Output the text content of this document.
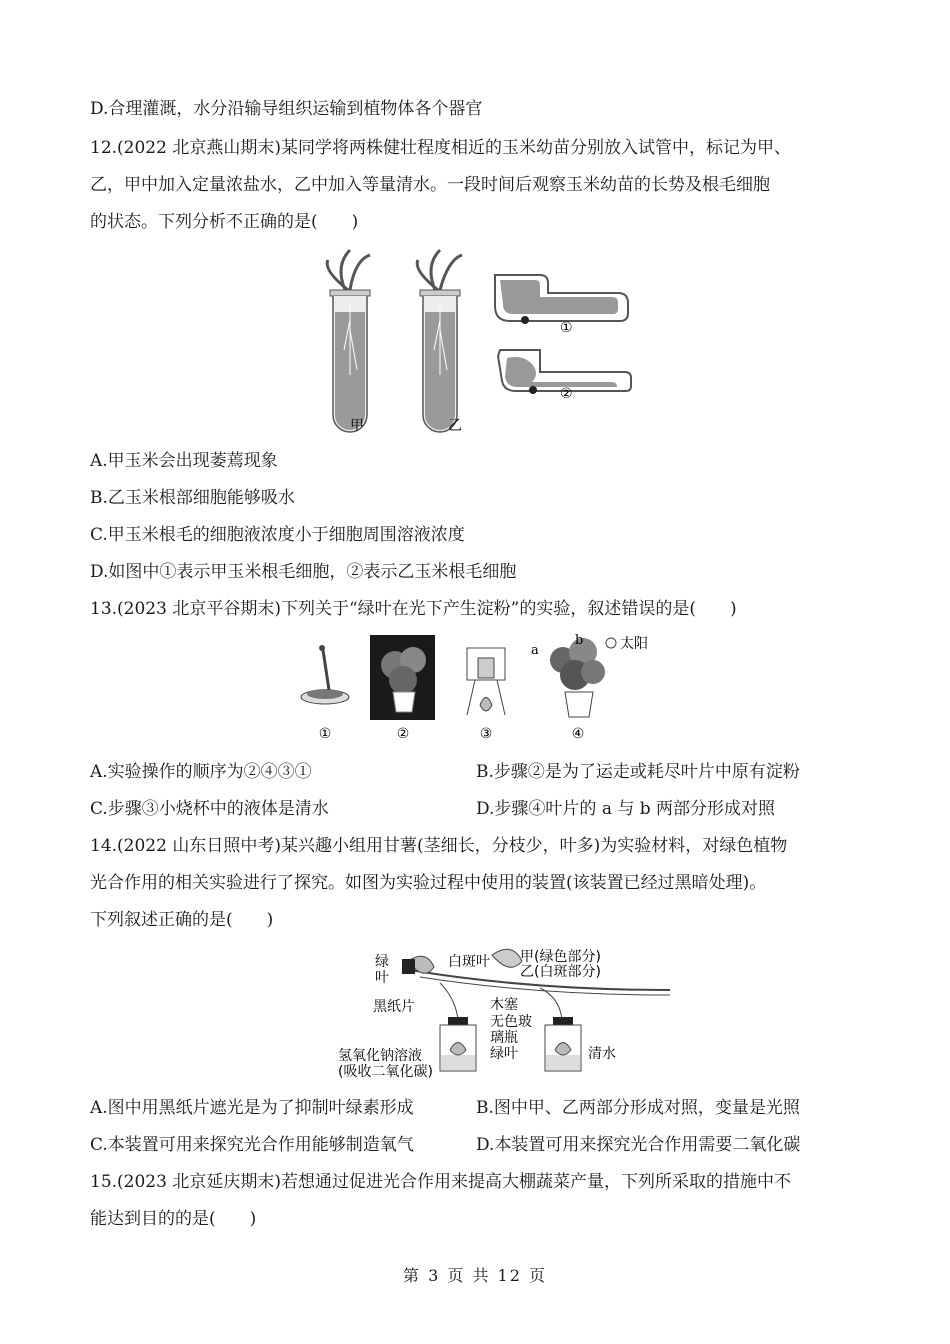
D.合理灌溉，水分沿输导组织运输到植物体各个器官
12.(2022 北京燕山期末)某同学将两株健壮程度相近的玉米幼苗分别放入试管中，标记为甲、
乙，甲中加入定量浓盐水，乙中加入等量清水。一段时间后观察玉米幼苗的长势及根毛细胞
的状态。下列分析不正确的是(　　)
甲	乙
①
②
A.甲玉米会出现萎蔫现象
B.乙玉米根部细胞能够吸水
C.甲玉米根毛的细胞液浓度小于细胞周围溶液浓度
D.如图中①表示甲玉米根毛细胞，②表示乙玉米根毛细胞
13.(2023 北京平谷期末)下列关于“绿叶在光下产生淀粉”的实验，叙述错误的是(　　)
①	②	③
a
b	太阳
④
A.实验操作的顺序为②④③①	B.步骤②是为了运走或耗尽叶片中原有淀粉
C.步骤③小烧杯中的液体是清水	D.步骤④叶片的 a 与 b 两部分形成对照
14.(2022 山东日照中考)某兴趣小组用甘薯(茎细长，分枝少，叶多)为实验材料，对绿色植物
光合作用的相关实验进行了探究。如图为实验过程中使用的装置(该装置已经过黑暗处理)。
下列叙述正确的是(　　)
绿
叶
黑纸片
白斑叶 甲(绿色部分)
乙(白斑部分)
木塞
无色玻
璃瓶
绿叶
氢氧化钠溶液
(吸收二氧化碳)
清水
A.图中用黑纸片遮光是为了抑制叶绿素形成	B.图中甲、乙两部分形成对照，变量是光照
C.本装置可用来探究光合作用能够制造氧气	D.本装置可用来探究光合作用需要二氧化碳
15.(2023 北京延庆期末)若想通过促进光合作用来提高大棚蔬菜产量，下列所采取的措施中不
能达到目的的是(　　)
第 3 页 共 12 页
